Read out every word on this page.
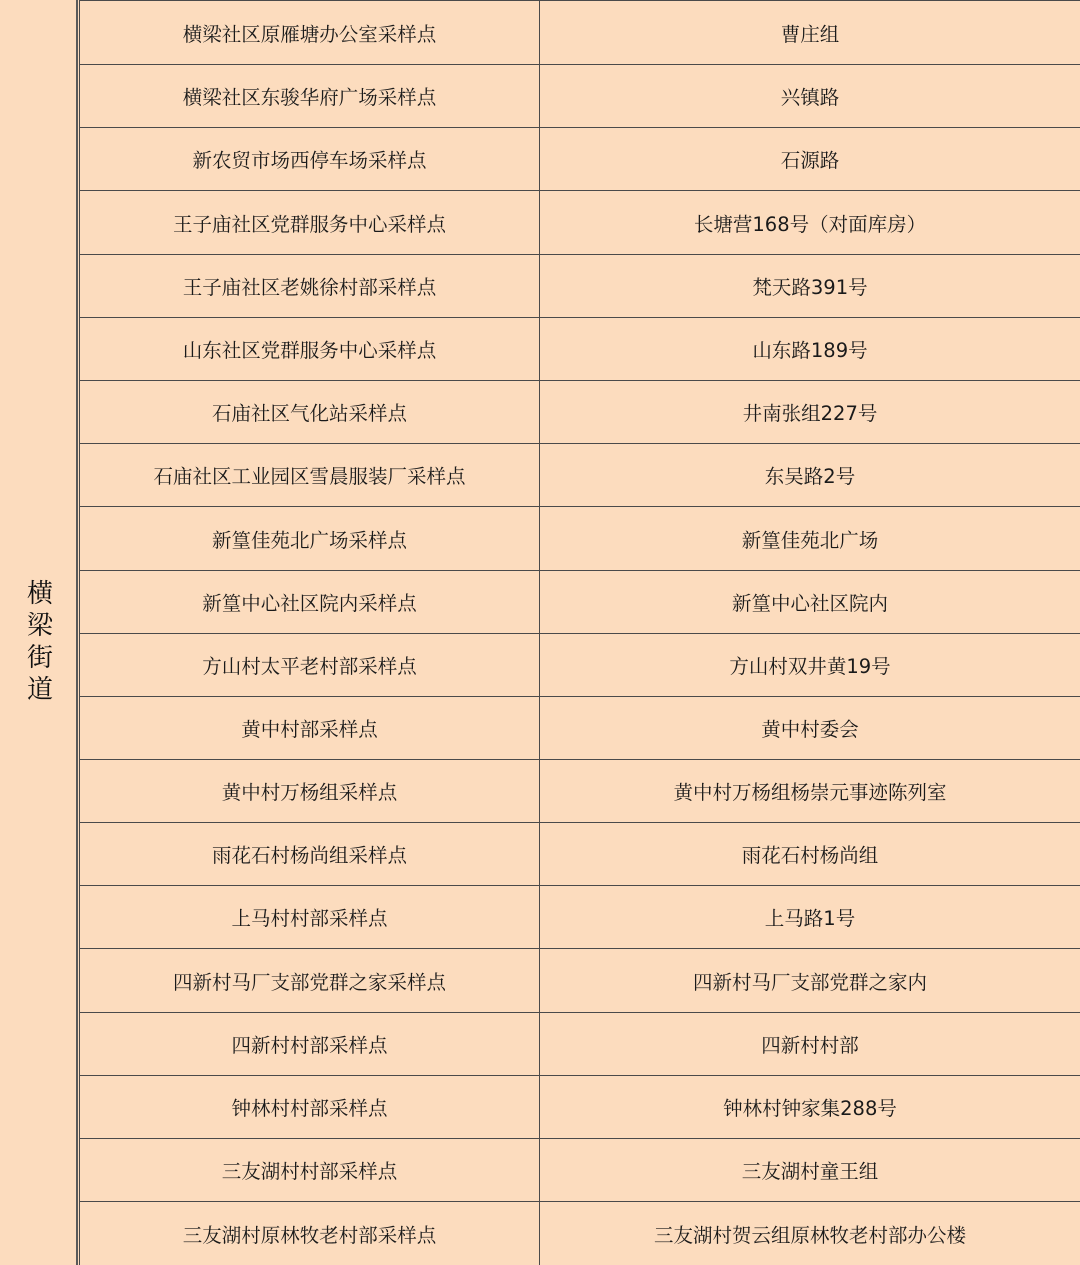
横梁街道
横梁社区原雁塘办公室采样点	曹庄组
横梁社区东骏华府广场采样点	兴镇路
新农贸市场西停车场采样点	石源路
王子庙社区党群服务中心采样点	长塘营168号（对面库房）
王子庙社区老姚徐村部采样点	梵天路391号
山东社区党群服务中心采样点	山东路189号
石庙社区气化站采样点	井南张组227号
石庙社区工业园区雪晨服装厂采样点	东吴路2号
新篁佳苑北广场采样点	新篁佳苑北广场
新篁中心社区院内采样点	新篁中心社区院内
方山村太平老村部采样点	方山村双井黄19号
黄中村部采样点	黄中村委会
黄中村万杨组采样点	黄中村万杨组杨崇元事迹陈列室
雨花石村杨尚组采样点	雨花石村杨尚组
上马村村部采样点	上马路1号
四新村马厂支部党群之家采样点	四新村马厂支部党群之家内
四新村村部采样点	四新村村部
钟林村村部采样点	钟林村钟家集288号
三友湖村村部采样点	三友湖村童王组
三友湖村原林牧老村部采样点	三友湖村贺云组原林牧老村部办公楼
